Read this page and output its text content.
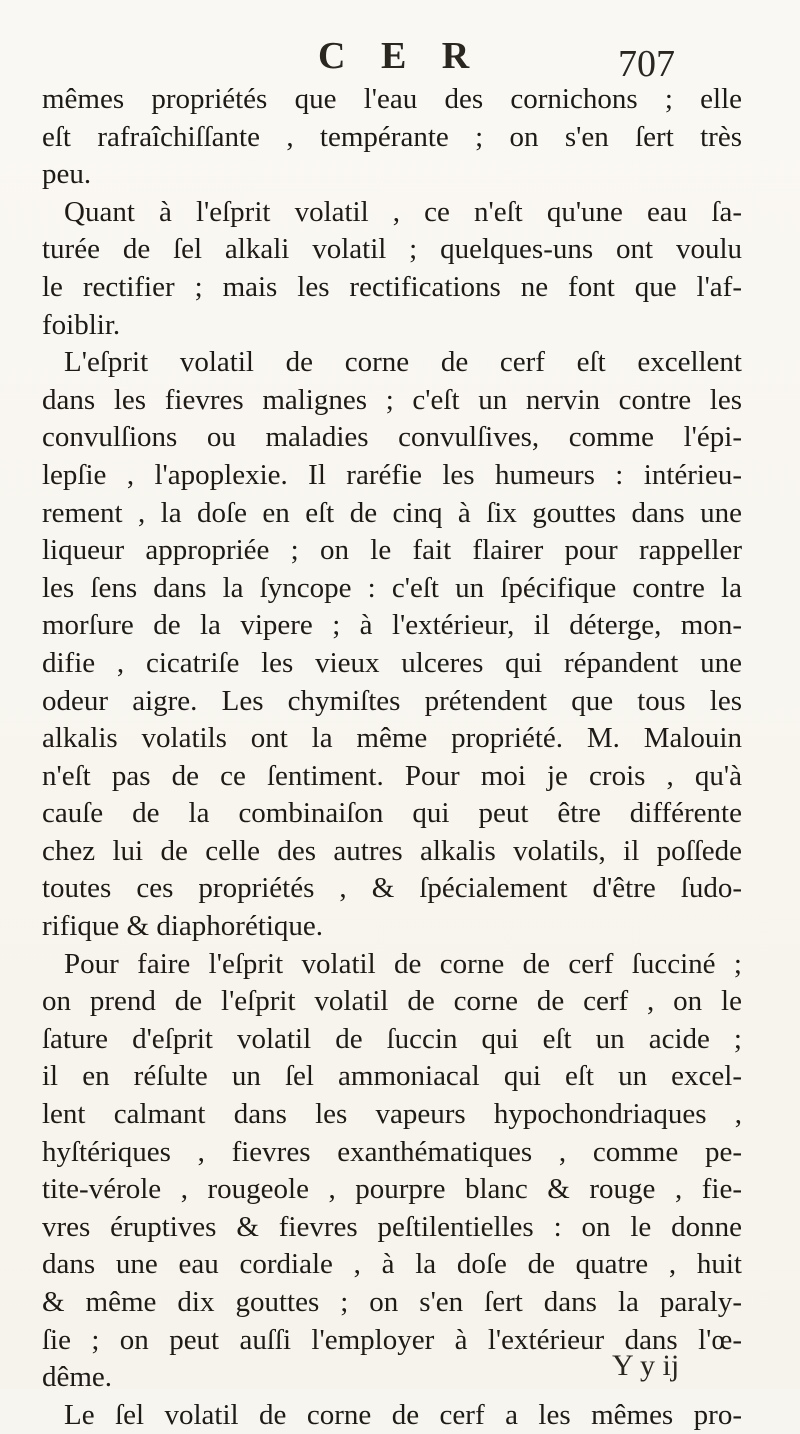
C E R	707
mêmes propriétés que l'eau des cornichons ; elle
eſt rafraîchiſſante , tempérante ; on s'en ſert très
peu.
Quant à l'eſprit volatil , ce n'eſt qu'une eau ſa-
turée de ſel alkali volatil ; quelques-uns ont voulu
le rectifier ; mais les rectifications ne font que l'af-
foiblir.
L'eſprit volatil de corne de cerf eſt excellent
dans les fievres malignes ; c'eſt un nervin contre les
convulſions ou maladies convulſives, comme l'épi-
lepſie , l'apoplexie. Il raréfie les humeurs : intérieu-
rement , la doſe en eſt de cinq à ſix gouttes dans une
liqueur appropriée ; on le fait flairer pour rappeller
les ſens dans la ſyncope : c'eſt un ſpécifique contre la
morſure de la vipere ; à l'extérieur, il déterge, mon-
difie , cicatriſe les vieux ulceres qui répandent une
odeur aigre. Les chymiſtes prétendent que tous les
alkalis volatils ont la même propriété. M. Malouin
n'eſt pas de ce ſentiment. Pour moi je crois , qu'à
cauſe de la combinaiſon qui peut être différente
chez lui de celle des autres alkalis volatils, il poſſede
toutes ces propriétés , & ſpécialement d'être ſudo-
rifique & diaphorétique.
Pour faire l'eſprit volatil de corne de cerf ſucciné ;
on prend de l'eſprit volatil de corne de cerf , on le
ſature d'eſprit volatil de ſuccin qui eſt un acide ;
il en réſulte un ſel ammoniacal qui eſt un excel-
lent calmant dans les vapeurs hypochondriaques ,
hyſtériques , fievres exanthématiques , comme pe-
tite-vérole , rougeole , pourpre blanc & rouge , fie-
vres éruptives & fievres peſtilentielles : on le donne
dans une eau cordiale , à la doſe de quatre , huit
& même dix gouttes ; on s'en ſert dans la paraly-
ſie ; on peut auſſi l'employer à l'extérieur dans l'œ-
dême.
Le ſel volatil de corne de cerf a les mêmes pro-
Y y ij
